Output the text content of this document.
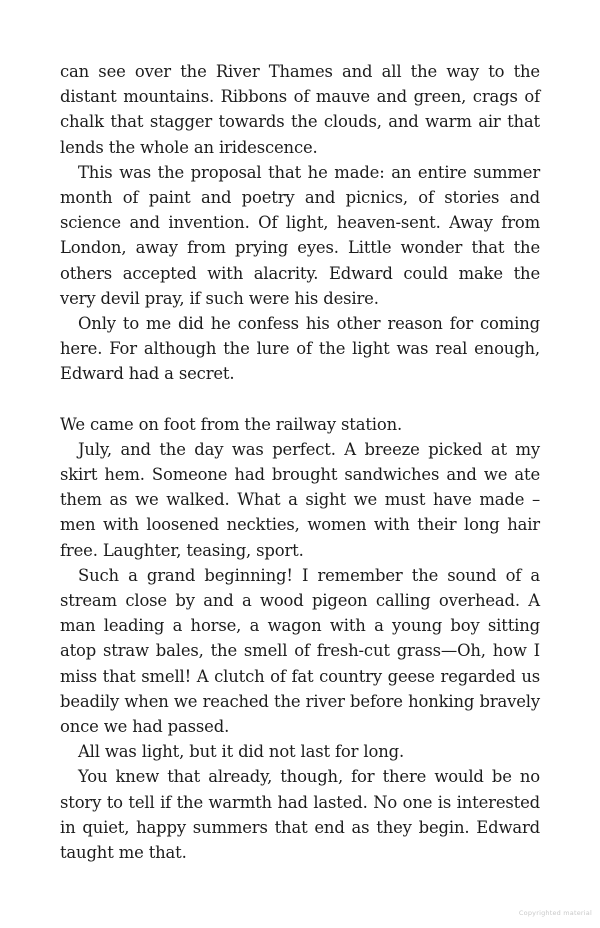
can see over the River Thames and all the way to the distant mountains. Ribbons of mauve and green, crags of chalk that stagger towards the clouds, and warm air that lends the whole an iridescence.

This was the proposal that he made: an entire summer month of paint and poetry and picnics, of stories and science and invention. Of light, heaven-sent. Away from London, away from prying eyes. Little wonder that the others accepted with alacrity. Edward could make the very devil pray, if such were his desire.

Only to me did he confess his other reason for coming here. For although the lure of the light was real enough, Edward had a secret.

We came on foot from the railway station.

July, and the day was perfect. A breeze picked at my skirt hem. Someone had brought sandwiches and we ate them as we walked. What a sight we must have made – men with loosened neckties, women with their long hair free. Laughter, teasing, sport.

Such a grand beginning! I remember the sound of a stream close by and a wood pigeon calling overhead. A man leading a horse, a wagon with a young boy sitting atop straw bales, the smell of fresh-cut grass—Oh, how I miss that smell! A clutch of fat country geese regarded us beadily when we reached the river before honking bravely once we had passed.

All was light, but it did not last for long.

You knew that already, though, for there would be no story to tell if the warmth had lasted. No one is interested in quiet, happy summers that end as they begin. Edward taught me that.

Copyrighted material
